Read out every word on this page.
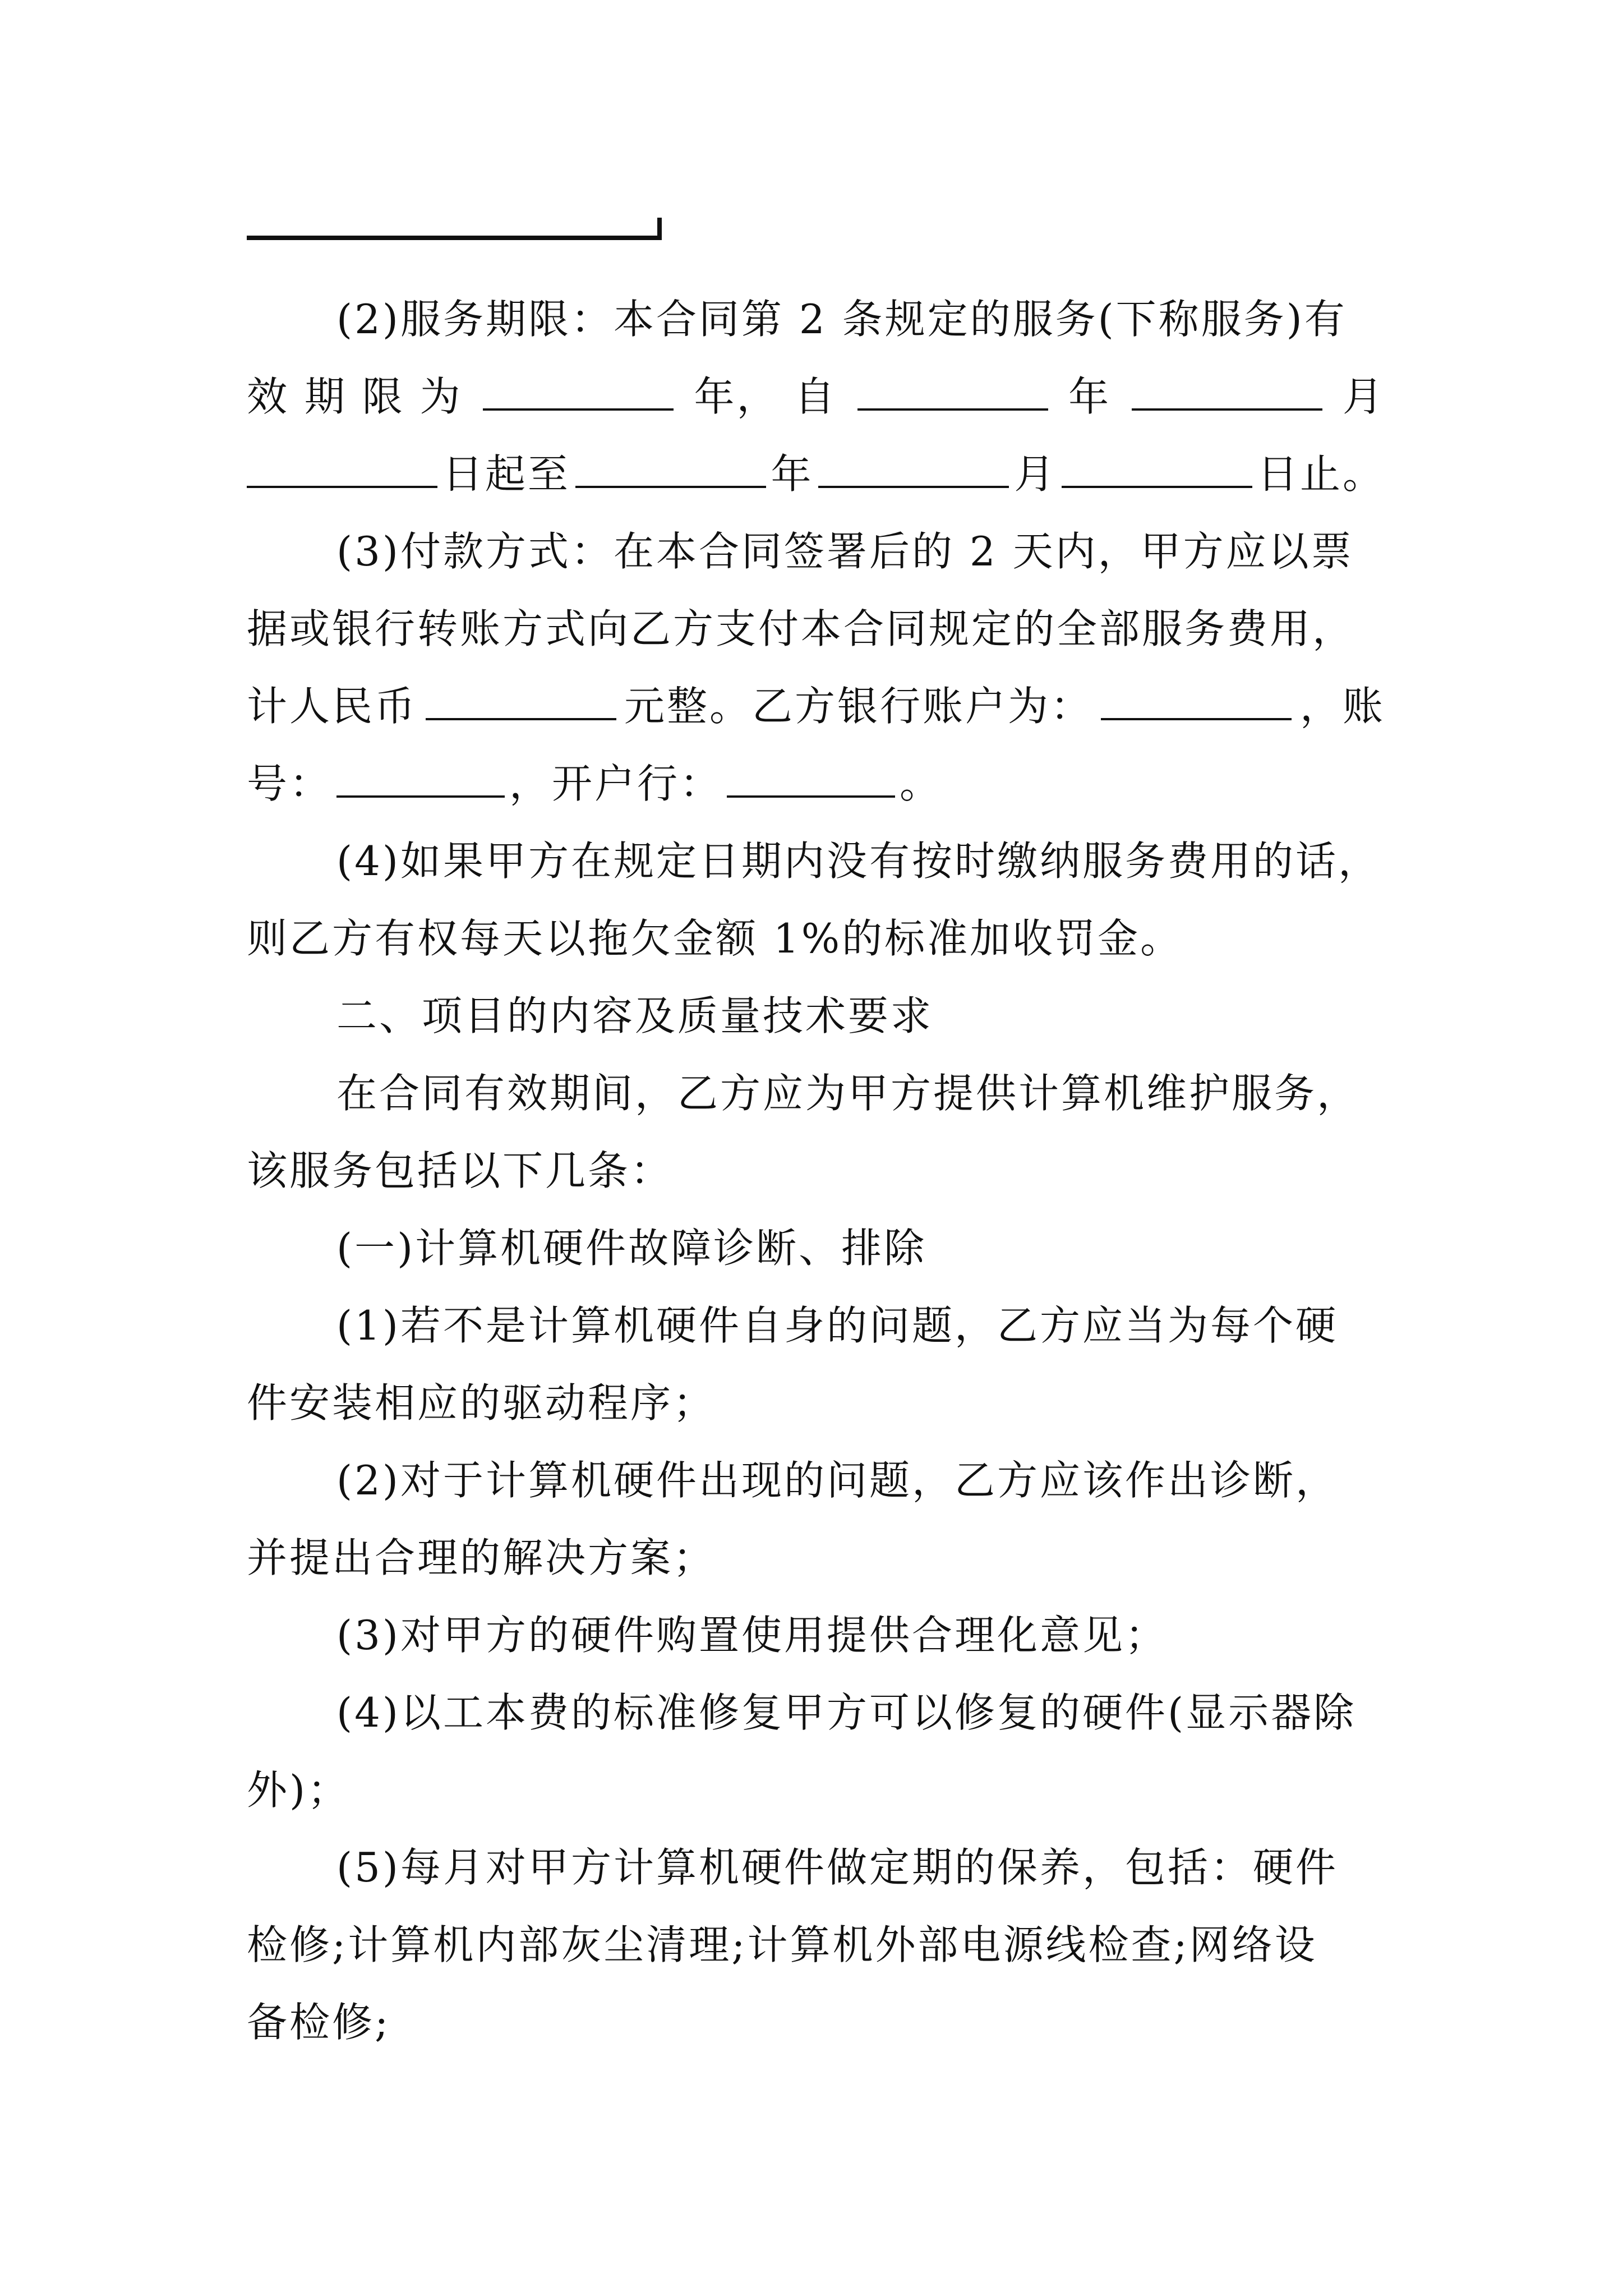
(2)服务期限：本合同第 2 条规定的服务(下称服务)有
效 期 限 为	年， 自	年	月
日起至	年	月	日止。
(3)付款方式：在本合同签署后的 2 天内，甲方应以票
据或银行转账方式向乙方支付本合同规定的全部服务费用，
计人民币	元整。乙方银行账户为：	，账
号：	，开户行：	。
(4)如果甲方在规定日期内没有按时缴纳服务费用的话，
则乙方有权每天以拖欠金额 1%的标准加收罚金。
二、项目的内容及质量技术要求
在合同有效期间，乙方应为甲方提供计算机维护服务，
该服务包括以下几条：
(一)计算机硬件故障诊断、排除
(1)若不是计算机硬件自身的问题，乙方应当为每个硬
件安装相应的驱动程序；
(2)对于计算机硬件出现的问题，乙方应该作出诊断，
并提出合理的解决方案；
(3)对甲方的硬件购置使用提供合理化意见；
(4)以工本费的标准修复甲方可以修复的硬件(显示器除
外)；
(5)每月对甲方计算机硬件做定期的保养，包括：硬件
检修;计算机内部灰尘清理;计算机外部电源线检查;网络设
备检修;
